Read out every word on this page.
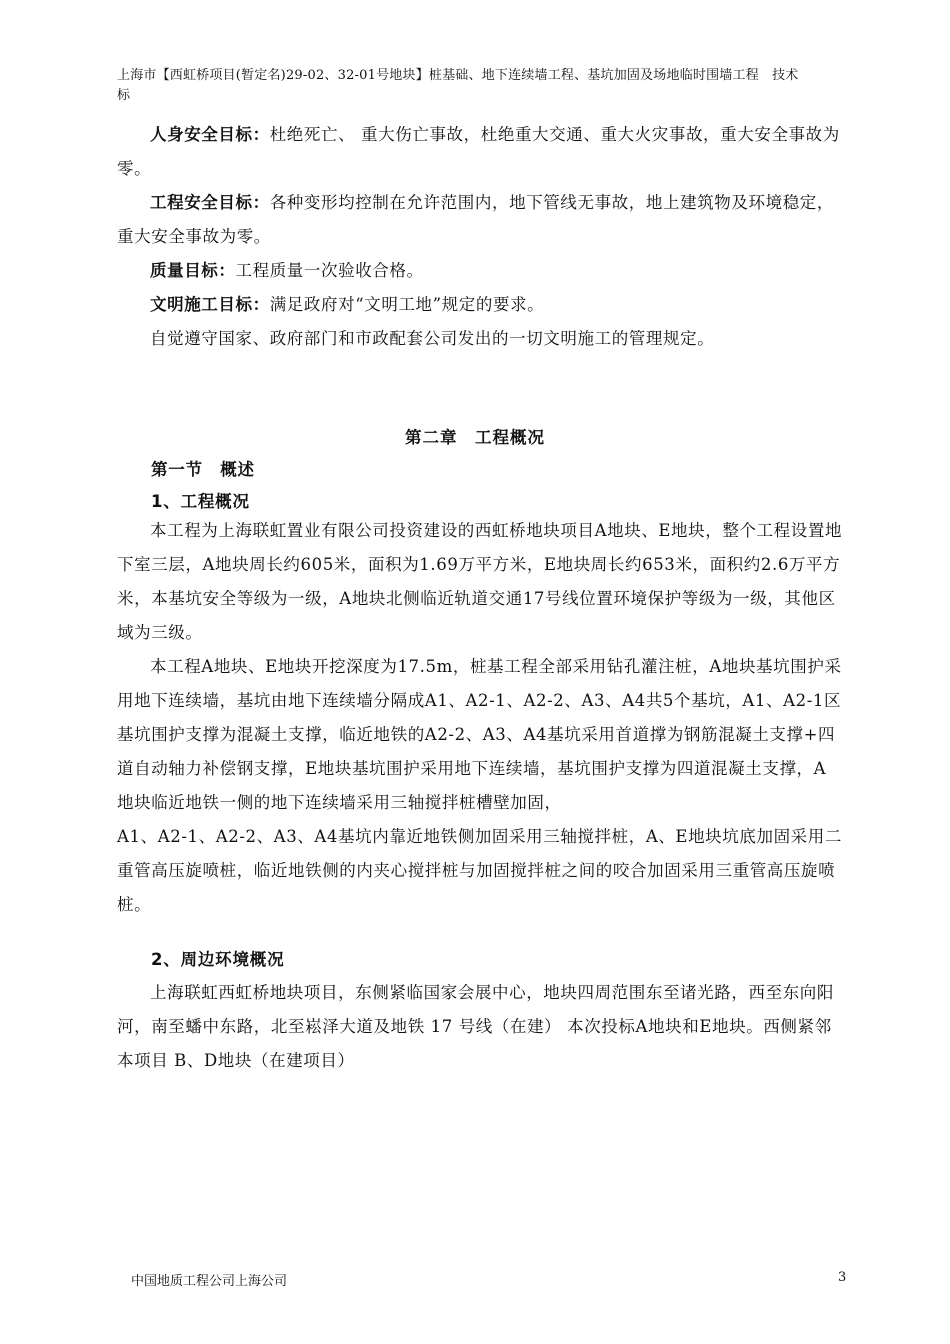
上海市【西虹桥项目(暂定名)29-02、32-01号地块】桩基础、地下连续墙工程、基坑加固及场地临时围墙工程　技术
标

人身安全目标：杜绝死亡、 重大伤亡事故，杜绝重大交通、重大火灾事故，重大安全事故为零。

工程安全目标：各种变形均控制在允许范围内，地下管线无事故，地上建筑物及环境稳定，重大安全事故为零。

质量目标：工程质量一次验收合格。

文明施工目标：满足政府对“文明工地”规定的要求。

自觉遵守国家、政府部门和市政配套公司发出的一切文明施工的管理规定。

第二章　工程概况
第一节　概述
1、工程概况

本工程为上海联虹置业有限公司投资建设的西虹桥地块项目A地块、E地块，整个工程设置地下室三层，A地块周长约605米，面积为1.69万平方米，E地块周长约653米，面积约2.6万平方米，本基坑安全等级为一级，A地块北侧临近轨道交通17号线位置环境保护等级为一级，其他区域为三级。

本工程A地块、E地块开挖深度为17.5m，桩基工程全部采用钻孔灌注桩，A地块基坑围护采用地下连续墙，基坑由地下连续墙分隔成A1、A2-1、A2-2、A3、A4共5个基坑，A1、A2-1区基坑围护支撑为混凝土支撑，临近地铁的A2-2、A3、A4基坑采用首道撑为钢筋混凝土支撑+四道自动轴力补偿钢支撑，E地块基坑围护采用地下连续墙，基坑围护支撑为四道混凝土支撑，A地块临近地铁一侧的地下连续墙采用三轴搅拌桩槽壁加固，

A1、A2-1、A2-2、A3、A4基坑内靠近地铁侧加固采用三轴搅拌桩，A、E地块坑底加固采用二重管高压旋喷桩，临近地铁侧的内夹心搅拌桩与加固搅拌桩之间的咬合加固采用三重管高压旋喷桩。

2、周边环境概况

上海联虹西虹桥地块项目，东侧紧临国家会展中心，地块四周范围东至诸光路，西至东向阳河，南至蟠中东路，北至崧泽大道及地铁 17 号线（在建） 本次投标A地块和E地块。西侧紧邻本项目 B、D地块（在建项目）

中国地质工程公司上海公司	3
